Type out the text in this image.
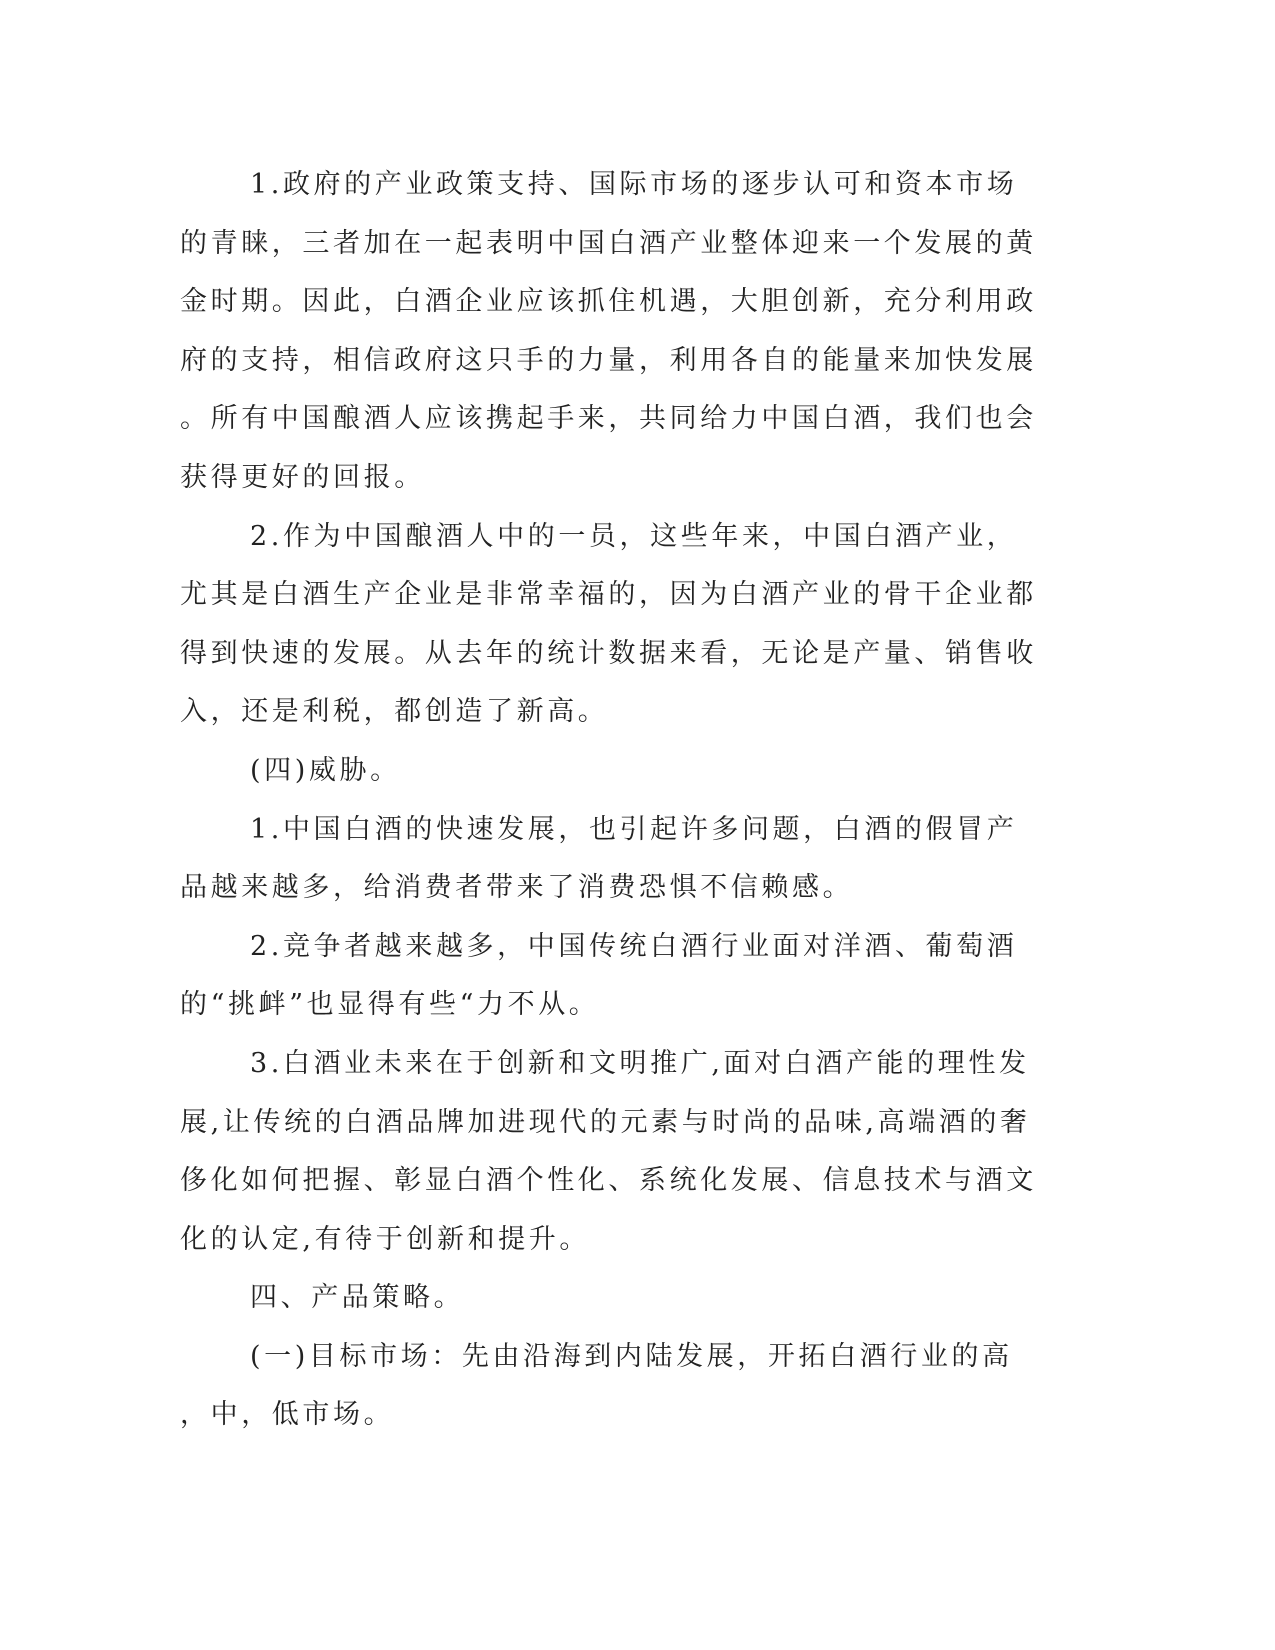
1.政府的产业政策支持、国际市场的逐步认可和资本市场的青睐，三者加在一起表明中国白酒产业整体迎来一个发展的黄金时期。因此，白酒企业应该抓住机遇，大胆创新，充分利用政府的支持，相信政府这只手的力量，利用各自的能量来加快发展。所有中国酿酒人应该携起手来，共同给力中国白酒，我们也会获得更好的回报。

2.作为中国酿酒人中的一员，这些年来，中国白酒产业，尤其是白酒生产企业是非常幸福的，因为白酒产业的骨干企业都得到快速的发展。从去年的统计数据来看，无论是产量、销售收入，还是利税，都创造了新高。

(四)威胁。

1.中国白酒的快速发展，也引起许多问题，白酒的假冒产品越来越多，给消费者带来了消费恐惧不信赖感。

2.竞争者越来越多，中国传统白酒行业面对洋酒、葡萄酒的“挑衅”也显得有些“力不从。

3.白酒业未来在于创新和文明推广,面对白酒产能的理性发展,让传统的白酒品牌加进现代的元素与时尚的品味,高端酒的奢侈化如何把握、彰显白酒个性化、系统化发展、信息技术与酒文化的认定,有待于创新和提升。

四、产品策略。

(一)目标市场：先由沿海到内陆发展，开拓白酒行业的高，中，低市场。
